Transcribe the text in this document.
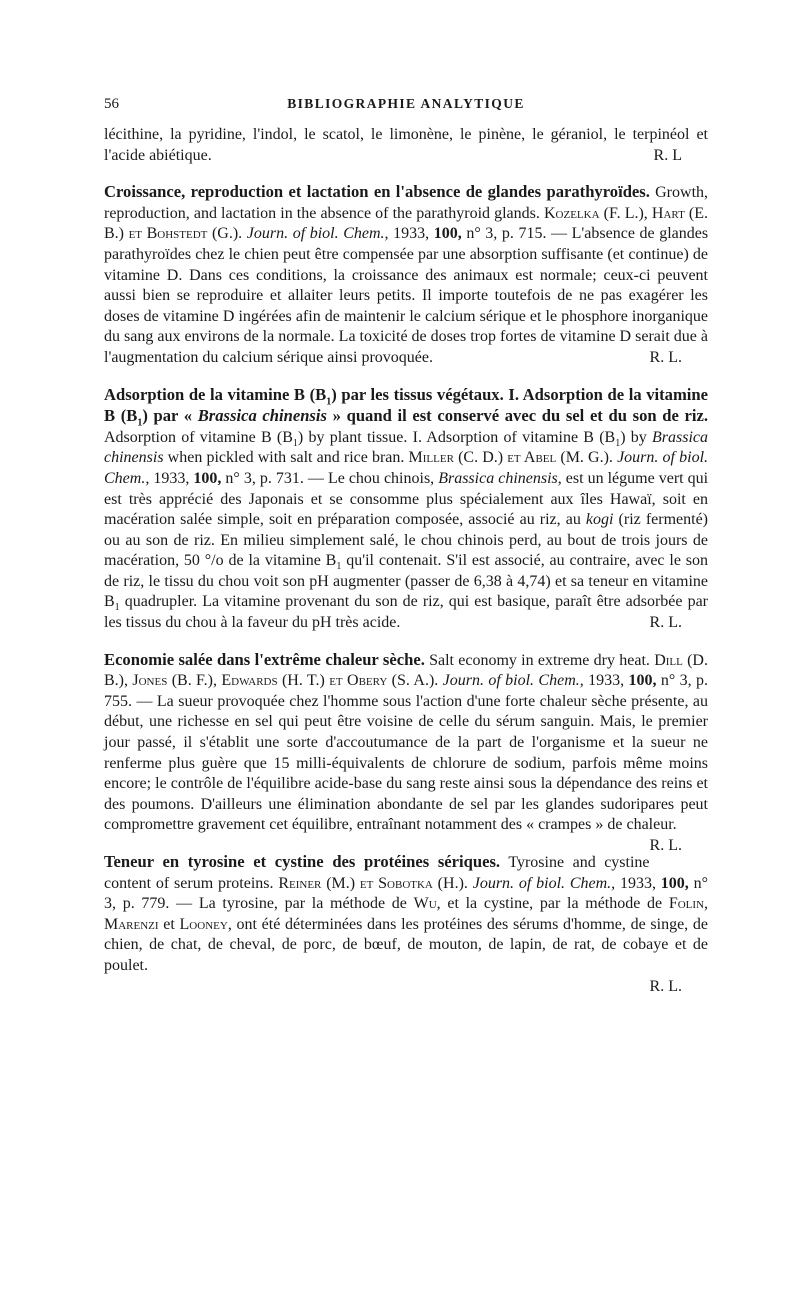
56	BIBLIOGRAPHIE ANALYTIQUE

lécithine, la pyridine, l'indol, le scatol, le limonène, le pinène, le géraniol, le terpinéol et l'acide abiétique.	R. L

Croissance, reproduction et lactation en l'absence de glandes parathyroïdes. Growth, reproduction, and lactation in the absence of the parathyroid glands. Kozelka (F. L.), Hart (E. B.) et Bohstedt (G.). Journ. of biol. Chem., 1933, 100, n° 3, p. 715. — L'absence de glandes parathyroïdes chez le chien peut être compensée par une absorption suffisante (et continue) de vitamine D. Dans ces conditions, la croissance des animaux est normale; ceux-ci peuvent aussi bien se reproduire et allaiter leurs petits. Il importe toutefois de ne pas exagérer les doses de vitamine D ingérées afin de maintenir le calcium sérique et le phosphore inorganique du sang aux environs de la normale. La toxicité de doses trop fortes de vitamine D serait due à l'augmentation du calcium sérique ainsi provoquée.	R. L.

Adsorption de la vitamine B $(B_1)$ par les tissus végétaux. I. Adsorption de la vitamine B $(B_1)$ par « Brassica chinensis » quand il est conservé avec du sel et du son de riz. Adsorption of vitamine B $(B_1)$ by plant tissue. I. Adsorption of vitamine B $(B_1)$ by Brassica chinensis when pickled with salt and rice bran. Miller (C. D.) et Abel (M. G.). Journ. of biol. Chem., 1933, 100, n° 3, p. 731. — Le chou chinois, Brassica chinensis, est un légume vert qui est très apprécié des Japonais et se consomme plus spécialement aux îles Hawaï, soit en macération salée simple, soit en préparation composée, associé au riz, au kogi (riz fermenté) ou au son de riz. En milieu simplement salé, le chou chinois perd, au bout de trois jours de macération, 50 °/o de la vitamine $B_1$ qu'il contenait. S'il est associé, au contraire, avec le son de riz, le tissu du chou voit son pH augmenter (passer de 6,38 à 4,74) et sa teneur en vitamine $B_1$ quadrupler. La vitamine provenant du son de riz, qui est basique, paraît être adsorbée par les tissus du chou à la faveur du pH très acide.	R. L.

Economie salée dans l'extrême chaleur sèche. Salt economy in extreme dry heat. Dill (D. B.), Jones (B. F.), Edwards (H. T.) et Obery (S. A.). Journ. of biol. Chem., 1933, 100, n° 3, p. 755. — La sueur provoquée chez l'homme sous l'action d'une forte chaleur sèche présente, au début, une richesse en sel qui peut être voisine de celle du sérum sanguin. Mais, le premier jour passé, il s'établit une sorte d'accoutumance de la part de l'organisme et la sueur ne renferme plus guère que 15 milli-équivalents de chlorure de sodium, parfois même moins encore; le contrôle de l'équilibre acide-base du sang reste ainsi sous la dépendance des reins et des poumons. D'ailleurs une élimination abondante de sel par les glandes sudoripares peut compromettre gravement cet équilibre, entraînant notamment des « crampes » de chaleur.
R. L.

Teneur en tyrosine et cystine des protéines sériques. Tyrosine and cystine content of serum proteins. Reiner (M.) et Sobotka (H.). Journ. of biol. Chem., 1933, 100, n° 3, p. 779. — La tyrosine, par la méthode de Wu, et la cystine, par la méthode de Folin, Marenzi et Looney, ont été déterminées dans les protéines des sérums d'homme, de singe, de chien, de chat, de cheval, de porc, de bœuf, de mouton, de lapin, de rat, de cobaye et de poulet.

R. L.
